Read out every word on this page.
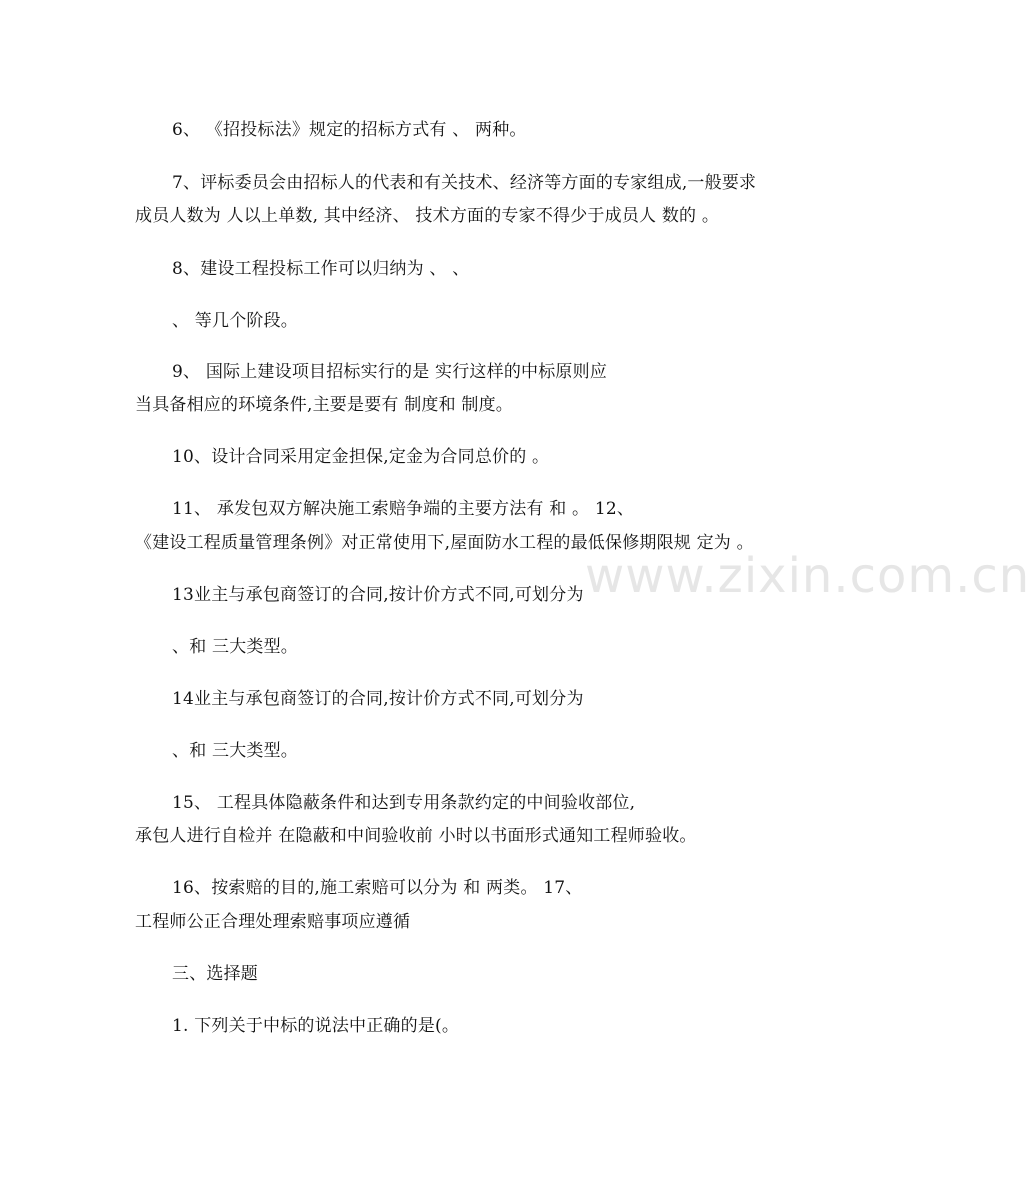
6、 《招投标法》规定的招标方式有 、 两种。
7、评标委员会由招标人的代表和有关技术、经济等方面的专家组成,一般要求
成员人数为 人以上单数, 其中经济、 技术方面的专家不得少于成员人 数的 。
8、建设工程投标工作可以归纳为 、 、
、 等几个阶段。
9、 国际上建设项目招标实行的是 实行这样的中标原则应
当具备相应的环境条件,主要是要有 制度和 制度。
10、设计合同采用定金担保,定金为合同总价的 。
11、 承发包双方解决施工索赔争端的主要方法有 和 。 12、
《建设工程质量管理条例》对正常使用下,屋面防水工程的最低保修期限规 定为 。
13业主与承包商签订的合同,按计价方式不同,可划分为
、和 三大类型。
14业主与承包商签订的合同,按计价方式不同,可划分为
、和 三大类型。
15、 工程具体隐蔽条件和达到专用条款约定的中间验收部位,
承包人进行自检并 在隐蔽和中间验收前 小时以书面形式通知工程师验收。
16、按索赔的目的,施工索赔可以分为 和 两类。 17、
工程师公正合理处理索赔事项应遵循
三、选择题
1. 下列关于中标的说法中正确的是(。
www.zixin.com.cn
